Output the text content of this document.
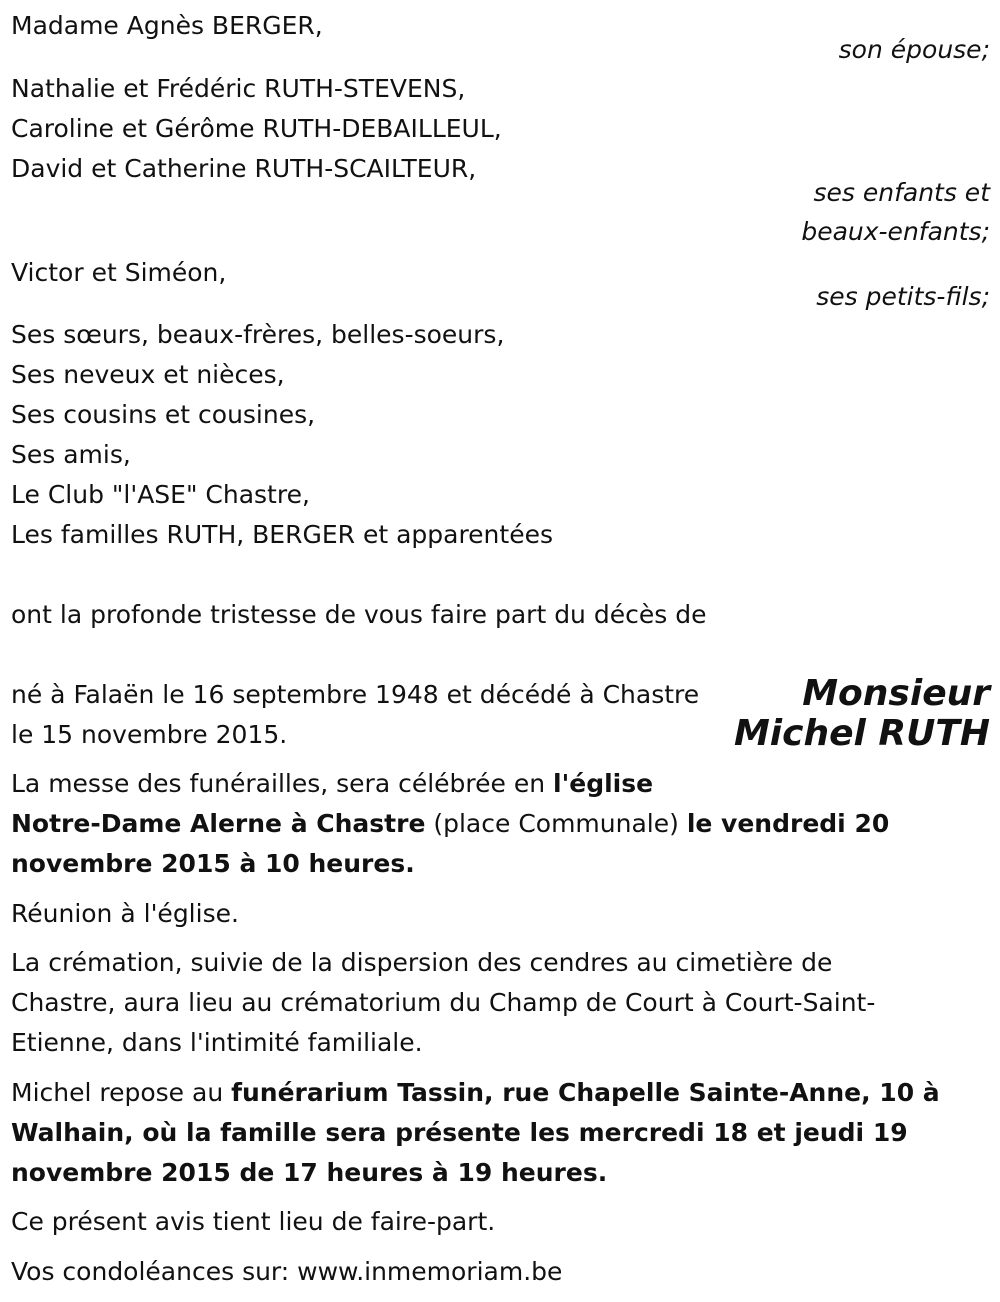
Madame Agnès BERGER,
son épouse;
Nathalie et Frédéric RUTH-STEVENS,
Caroline et Gérôme RUTH-DEBAILLEUL,
David et Catherine RUTH-SCAILTEUR,
ses enfants et
beaux-enfants;
Victor et Siméon,
ses petits-fils;
Ses sœurs, beaux-frères, belles-soeurs,
Ses neveux et nièces,
Ses cousins et cousines,
Ses amis,
Le Club "l'ASE" Chastre,
Les familles RUTH, BERGER et apparentées
ont la profonde tristesse de vous faire part du décès de
Monsieur
Michel RUTH
né à Falaën le 16 septembre 1948 et décédé à Chastre
le 15 novembre 2015.
La messe des funérailles, sera célébrée en l'église
Notre-Dame Alerne à Chastre (place Communale) le vendredi 20
novembre 2015 à 10 heures.
Réunion à l'église.
La crémation, suivie de la dispersion des cendres au cimetière de
Chastre, aura lieu au crématorium du Champ de Court à Court-Saint-
Etienne, dans l'intimité familiale.
Michel repose au funérarium Tassin, rue Chapelle Sainte-Anne, 10 à
Walhain, où la famille sera présente les mercredi 18 et jeudi 19
novembre 2015 de 17 heures à 19 heures.
Ce présent avis tient lieu de faire-part.
Vos condoléances sur: www.inmemoriam.be
